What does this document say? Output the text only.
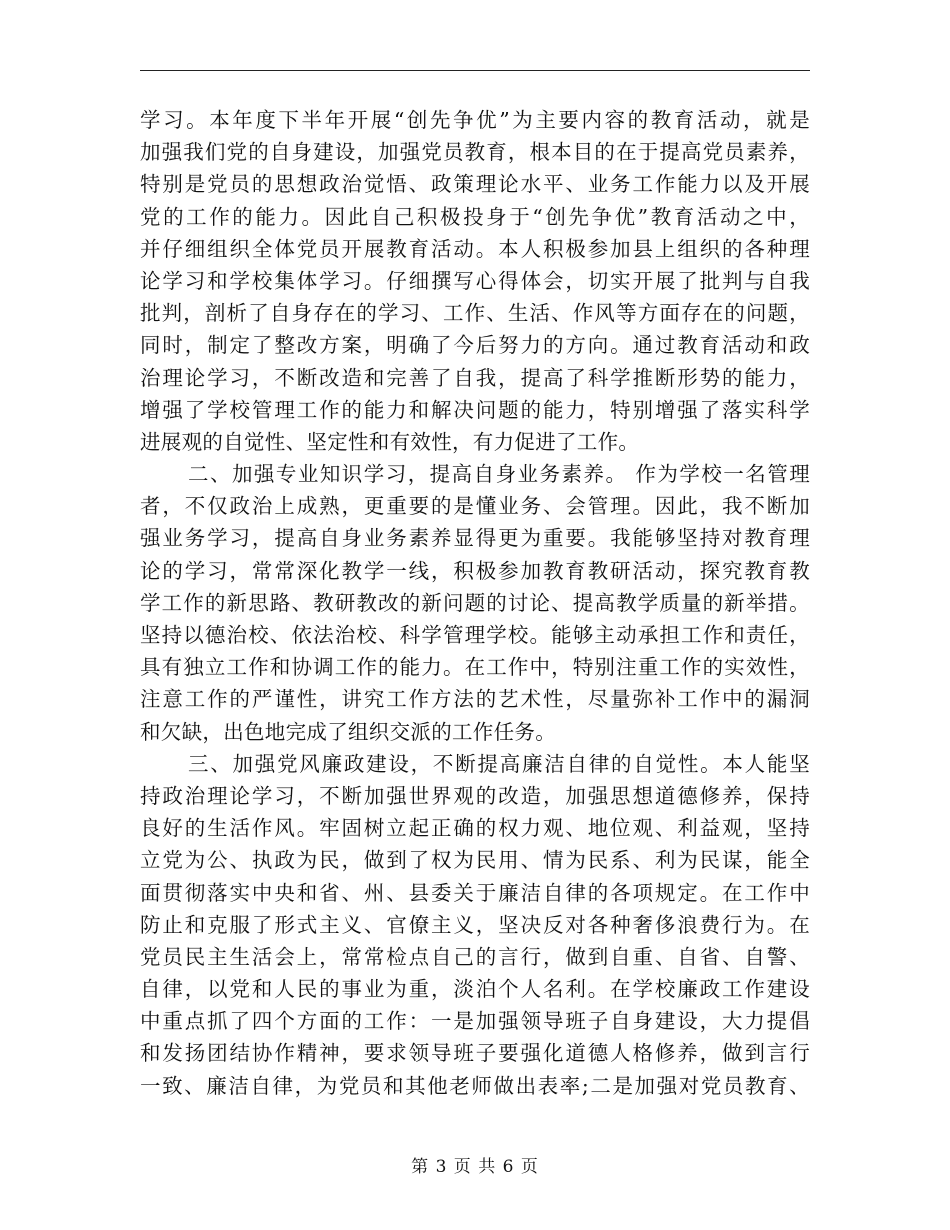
学习。本年度下半年开展“创先争优”为主要内容的教育活动，就是
加强我们党的自身建设，加强党员教育，根本目的在于提高党员素养，
特别是党员的思想政治觉悟、政策理论水平、业务工作能力以及开展
党的工作的能力。因此自己积极投身于“创先争优”教育活动之中，
并仔细组织全体党员开展教育活动。本人积极参加县上组织的各种理
论学习和学校集体学习。仔细撰写心得体会，切实开展了批判与自我
批判，剖析了自身存在的学习、工作、生活、作风等方面存在的问题，
同时，制定了整改方案，明确了今后努力的方向。通过教育活动和政
治理论学习，不断改造和完善了自我，提高了科学推断形势的能力，
增强了学校管理工作的能力和解决问题的能力，特别增强了落实科学
进展观的自觉性、坚定性和有效性，有力促进了工作。
二、加强专业知识学习，提高自身业务素养。 作为学校一名管理
者，不仅政治上成熟，更重要的是懂业务、会管理。因此，我不断加
强业务学习，提高自身业务素养显得更为重要。我能够坚持对教育理
论的学习，常常深化教学一线，积极参加教育教研活动，探究教育教
学工作的新思路、教研教改的新问题的讨论、提高教学质量的新举措。
坚持以德治校、依法治校、科学管理学校。能够主动承担工作和责任，
具有独立工作和协调工作的能力。在工作中，特别注重工作的实效性，
注意工作的严谨性，讲究工作方法的艺术性，尽量弥补工作中的漏洞
和欠缺，出色地完成了组织交派的工作任务。
三、加强党风廉政建设，不断提高廉洁自律的自觉性。本人能坚
持政治理论学习，不断加强世界观的改造，加强思想道德修养，保持
良好的生活作风。牢固树立起正确的权力观、地位观、利益观，坚持
立党为公、执政为民，做到了权为民用、情为民系、利为民谋，能全
面贯彻落实中央和省、州、县委关于廉洁自律的各项规定。在工作中
防止和克服了形式主义、官僚主义，坚决反对各种奢侈浪费行为。在
党员民主生活会上，常常检点自己的言行，做到自重、自省、自警、
自律，以党和人民的事业为重，淡泊个人名利。在学校廉政工作建设
中重点抓了四个方面的工作：一是加强领导班子自身建设，大力提倡
和发扬团结协作精神，要求领导班子要强化道德人格修养，做到言行
一致、廉洁自律，为党员和其他老师做出表率;二是加强对党员教育、
第 3 页 共 6 页
